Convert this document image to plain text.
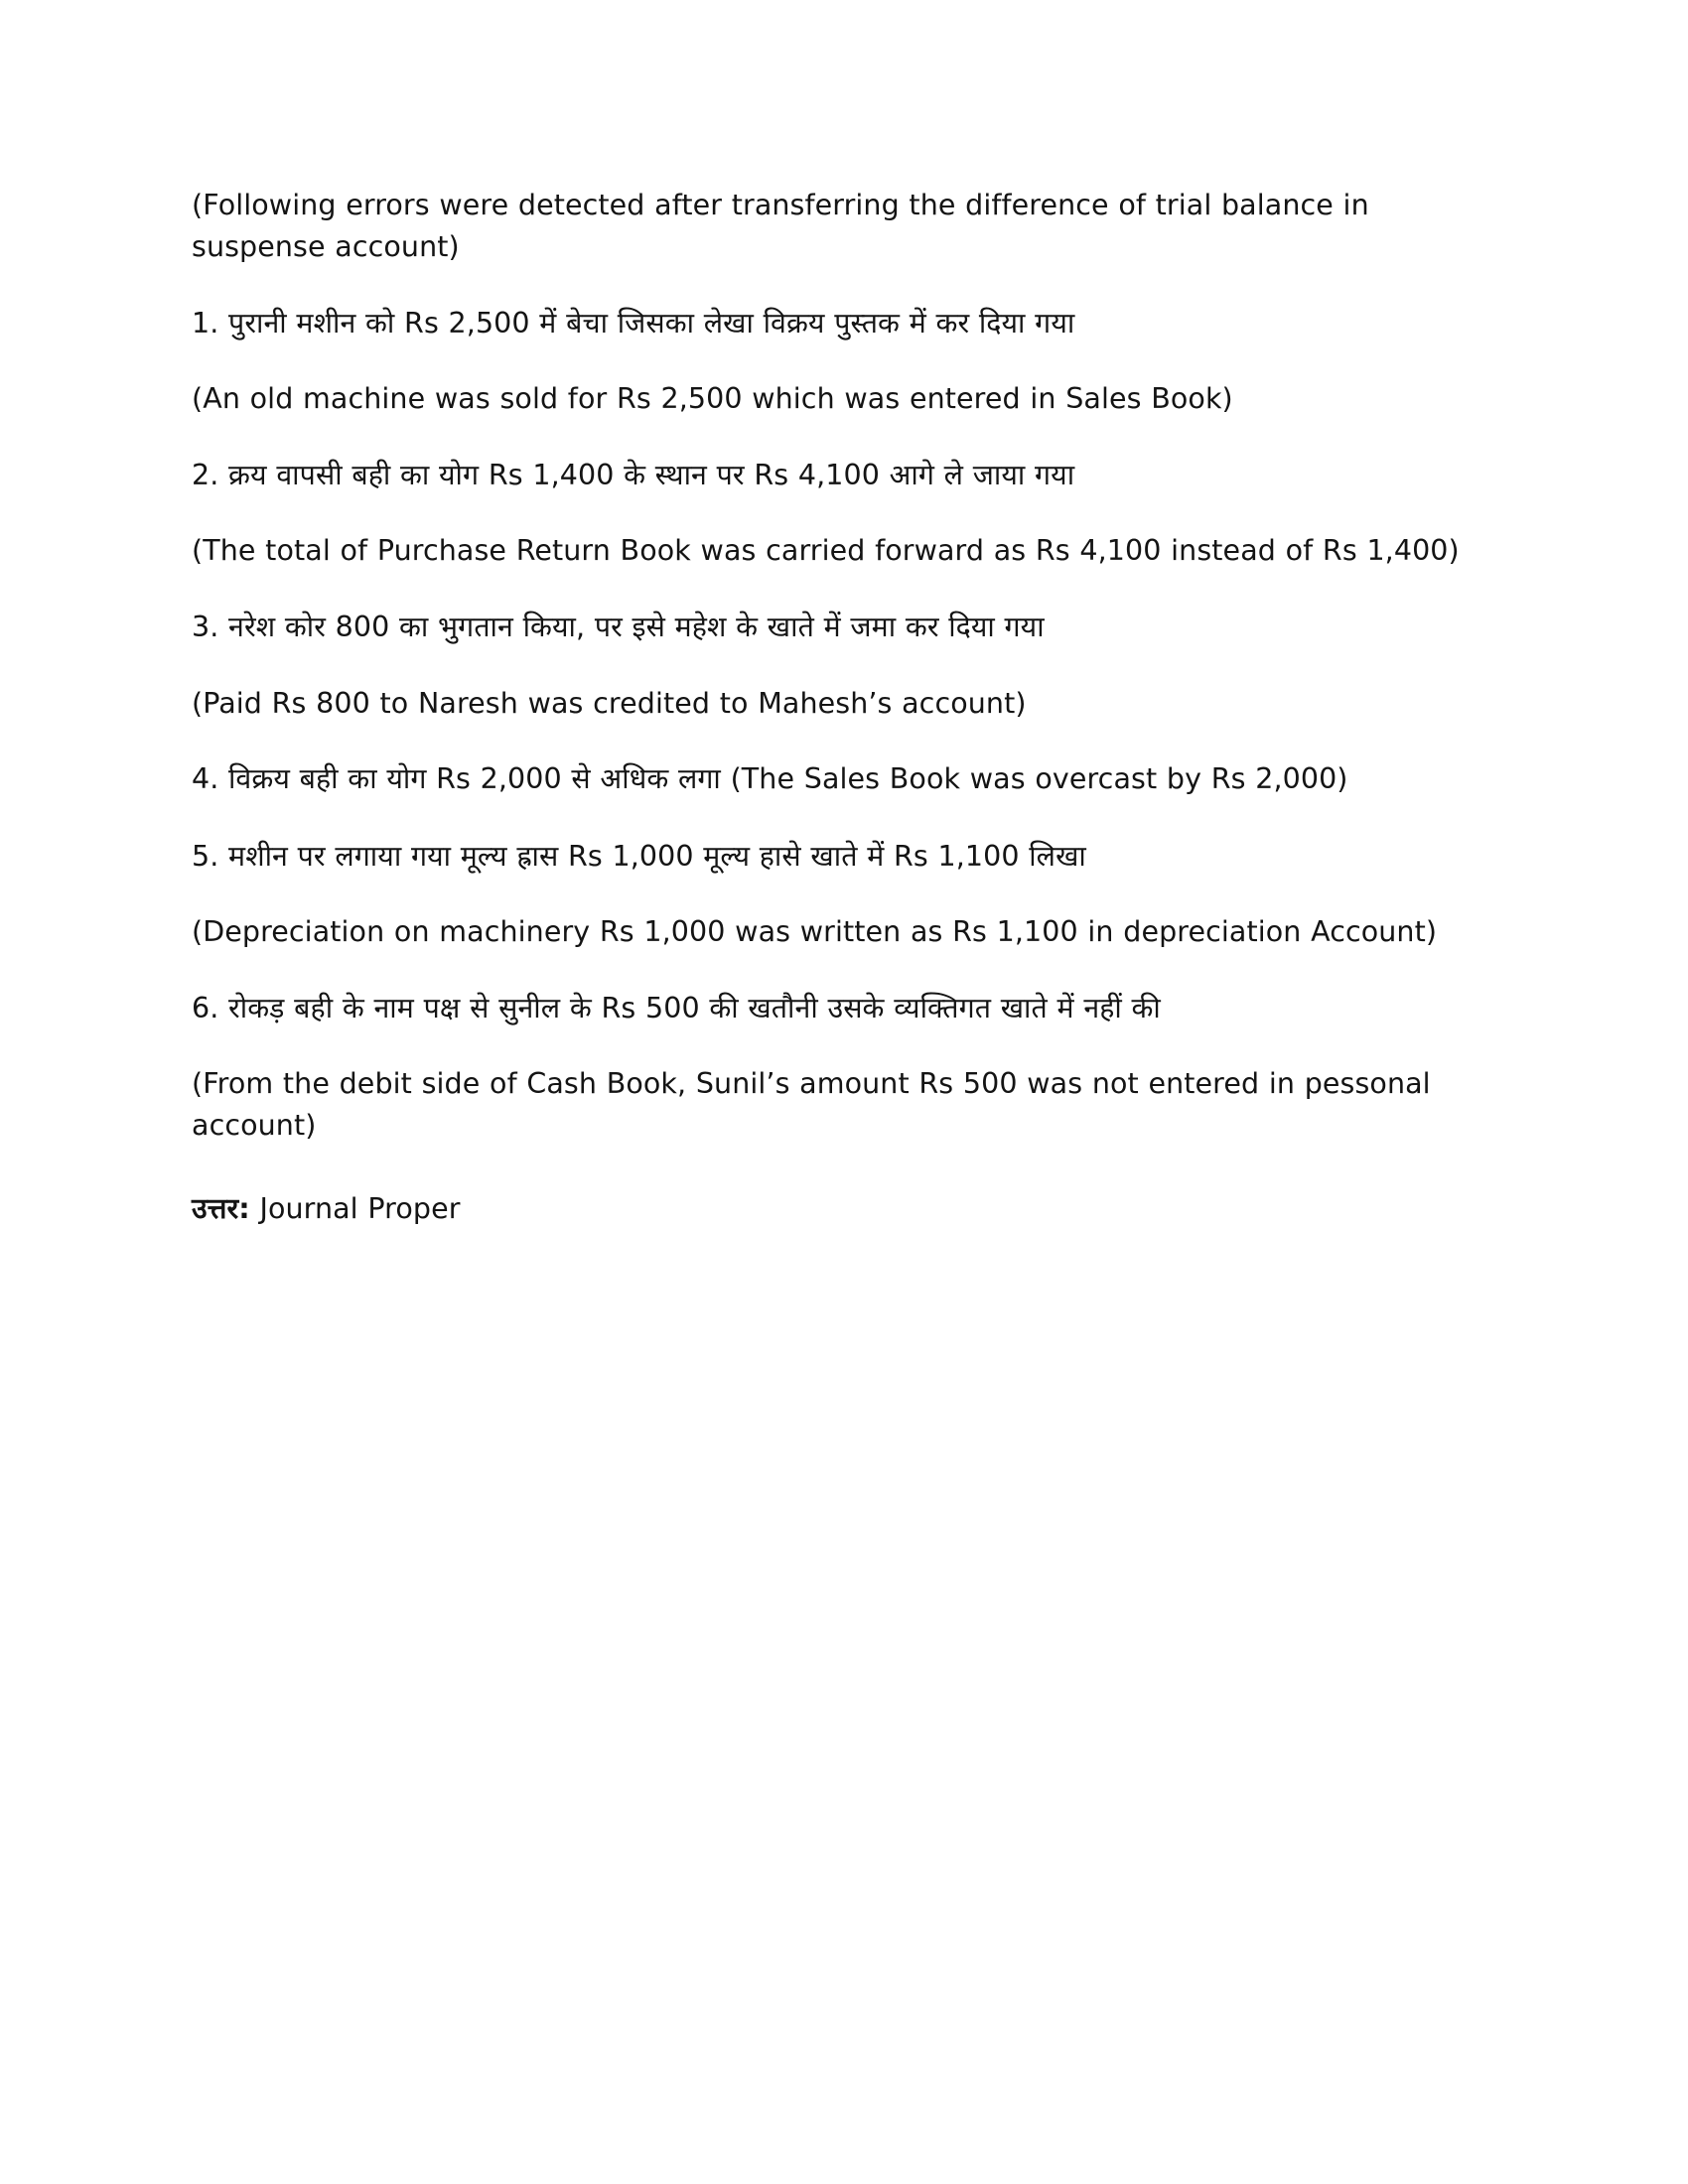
(Following errors were detected after transferring the difference of trial balance in suspense account)

1. पुरानी मशीन को Rs 2,500 में बेचा जिसका लेखा विक्रय पुस्तक में कर दिया गया

(An old machine was sold for Rs 2,500 which was entered in Sales Book)

2. क्रय वापसी बही का योग Rs 1,400 के स्थान पर Rs 4,100 आगे ले जाया गया

(The total of Purchase Return Book was carried forward as Rs 4,100 instead of Rs 1,400)

3. नरेश कोर 800 का भुगतान किया, पर इसे महेश के खाते में जमा कर दिया गया

(Paid Rs 800 to Naresh was credited to Mahesh’s account)

4. विक्रय बही का योग Rs 2,000 से अधिक लगा (The Sales Book was overcast by Rs 2,000)

5. मशीन पर लगाया गया मूल्य ह्रास Rs 1,000 मूल्य हासे खाते में Rs 1,100 लिखा

(Depreciation on machinery Rs 1,000 was written as Rs 1,100 in depreciation Account)

6. रोकड़ बही के नाम पक्ष से सुनील के Rs 500 की खतौनी उसके व्यक्तिगत खाते में नहीं की

(From the debit side of Cash Book, Sunil’s amount Rs 500 was not entered in pessonal account)

उत्तर: Journal Proper
